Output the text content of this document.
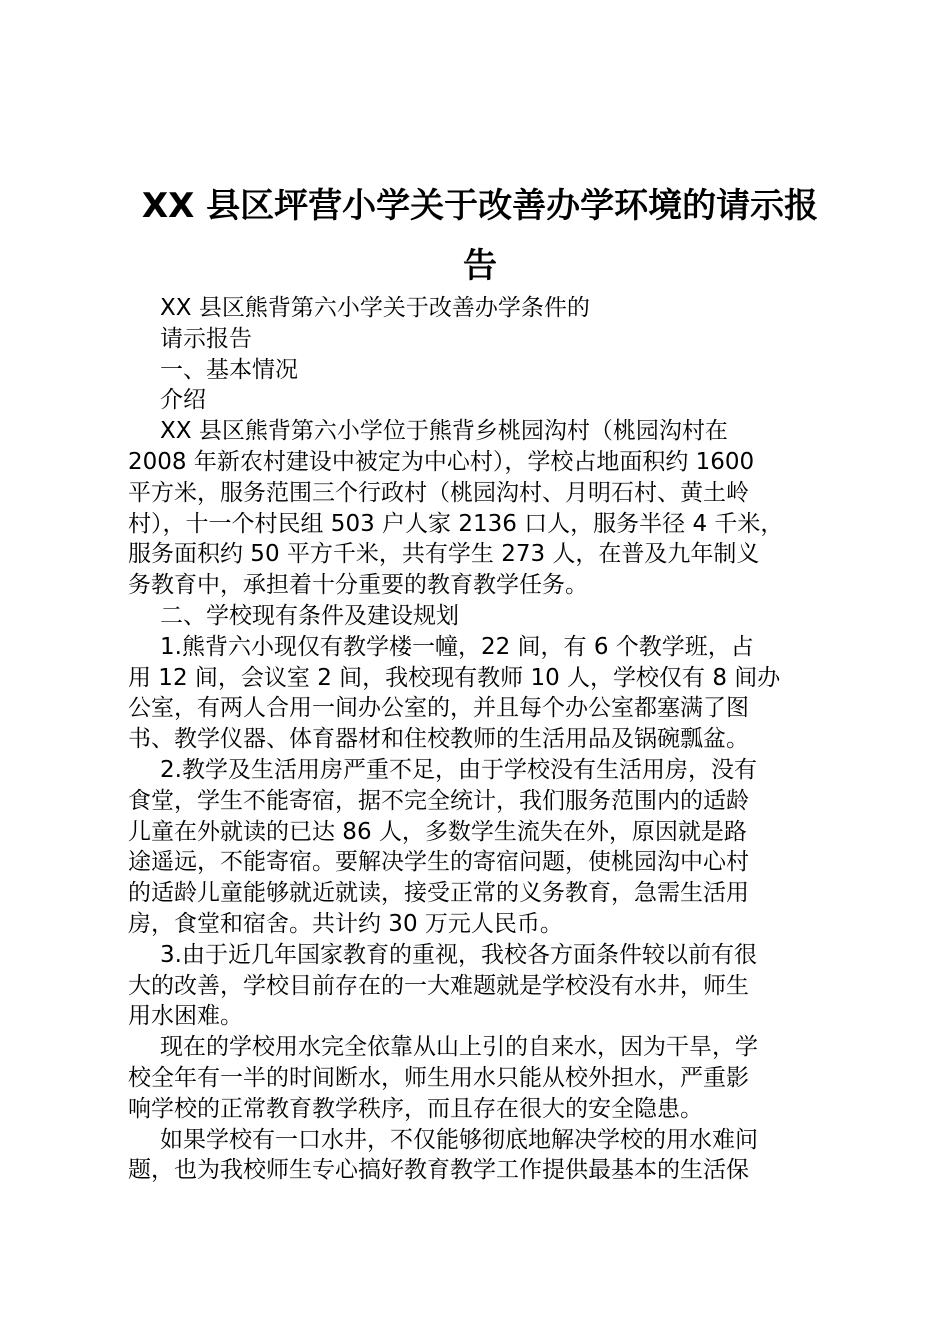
XX 县区坪营小学关于改善办学环境的请示报
告

XX 县区熊背第六小学关于改善办学条件的

请示报告

一、基本情况

介绍

XX 县区熊背第六小学位于熊背乡桃园沟村（桃园沟村在

2008 年新农村建设中被定为中心村），学校占地面积约 1600

平方米，服务范围三个行政村（桃园沟村、月明石村、黄土岭

村），十一个村民组 503 户人家 2136 口人，服务半径 4 千米，

服务面积约 50 平方千米，共有学生 273 人，在普及九年制义

务教育中，承担着十分重要的教育教学任务。

二、学校现有条件及建设规划

1.熊背六小现仅有教学楼一幢，22 间，有 6 个教学班，占

用 12 间，会议室 2 间，我校现有教师 10 人，学校仅有 8 间办

公室，有两人合用一间办公室的，并且每个办公室都塞满了图

书、教学仪器、体育器材和住校教师的生活用品及锅碗瓢盆。

2.教学及生活用房严重不足，由于学校没有生活用房，没有

食堂，学生不能寄宿，据不完全统计，我们服务范围内的适龄

儿童在外就读的已达 86 人，多数学生流失在外，原因就是路

途遥远，不能寄宿。要解决学生的寄宿问题，使桃园沟中心村

的适龄儿童能够就近就读，接受正常的义务教育，急需生活用

房，食堂和宿舍。共计约 30 万元人民币。

3.由于近几年国家教育的重视，我校各方面条件较以前有很

大的改善，学校目前存在的一大难题就是学校没有水井，师生

用水困难。

现在的学校用水完全依靠从山上引的自来水，因为干旱，学

校全年有一半的时间断水，师生用水只能从校外担水，严重影

响学校的正常教育教学秩序，而且存在很大的安全隐患。

如果学校有一口水井，不仅能够彻底地解决学校的用水难问

题，也为我校师生专心搞好教育教学工作提供最基本的生活保
